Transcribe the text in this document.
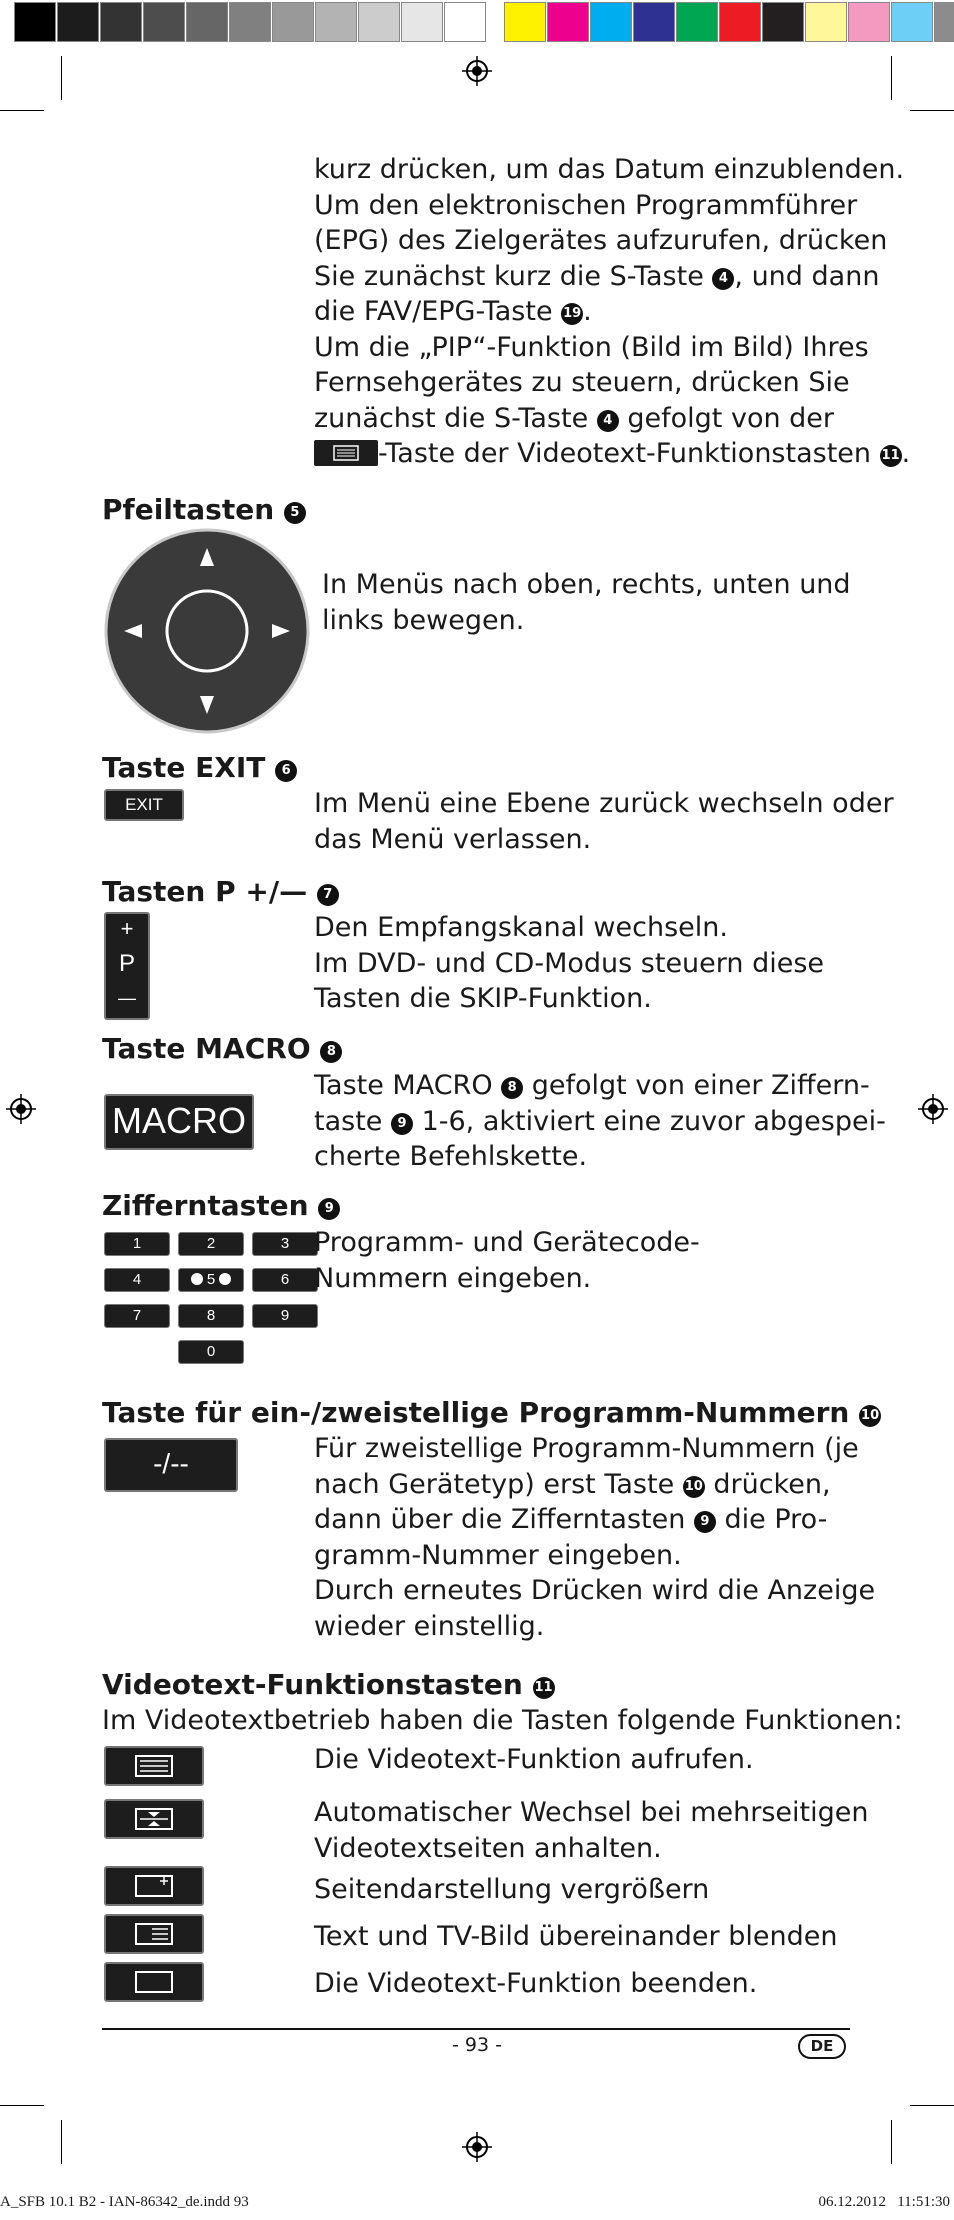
kurz drücken, um das Datum einzublenden.
Um den elektronischen Programmführer
(EPG) des Zielgerätes aufzurufen, drücken
Sie zunächst kurz die S-Taste 4 , und dann
die FAV/EPG-Taste 19.
Um die „PIP“-Funktion (Bild im Bild) Ihres
Fernsehgerätes zu steuern, drücken Sie
zunächst die S-Taste 4 gefolgt von der
-Taste der Videotext-Funktionstasten 11.
Pfeiltasten 5
In Menüs nach oben, rechts, unten und
links bewegen.
Taste EXIT 6
EXIT	Im Menü eine Ebene zurück wechseln oder
das Menü verlassen.
Tasten P +/— 7
+
P
—
Den Empfangskanal wechseln.
Im DVD- und CD-Modus steuern diese
Tasten die SKIP-Funktion.
Taste MACRO 8
MACRO
Taste MACRO 8 gefolgt von einer Ziffern-
taste 9 1-6, aktiviert eine zuvor abgespei-
cherte Befehlskette.
Zifferntasten 9
1	2	3
4	5	6
7	8	9
0
Programm- und Gerätecode-
Nummern eingeben.
Taste für ein-/zweistellige Programm-Nummern 10
-/--	Für zweistellige Programm-Nummern (je
nach Gerätetyp) erst Taste 10 drücken,
dann über die Zifferntasten 9 die Pro-
gramm-Nummer eingeben.
Durch erneutes Drücken wird die Anzeige
wieder einstellig.
Videotext-Funktionstasten 11
Im Videotextbetrieb haben die Tasten folgende Funktionen:
Die Videotext-Funktion aufrufen.
Automatischer Wechsel bei mehrseitigen
Videotextseiten anhalten.
Seitendarstellung vergrößern
Text und TV-Bild übereinander blenden
Die Videotext-Funktion beenden.
- 93 -	DE
A_SFB 10.1 B2 - IAN-86342_de.indd 93	06.12.2012   11:51:30
